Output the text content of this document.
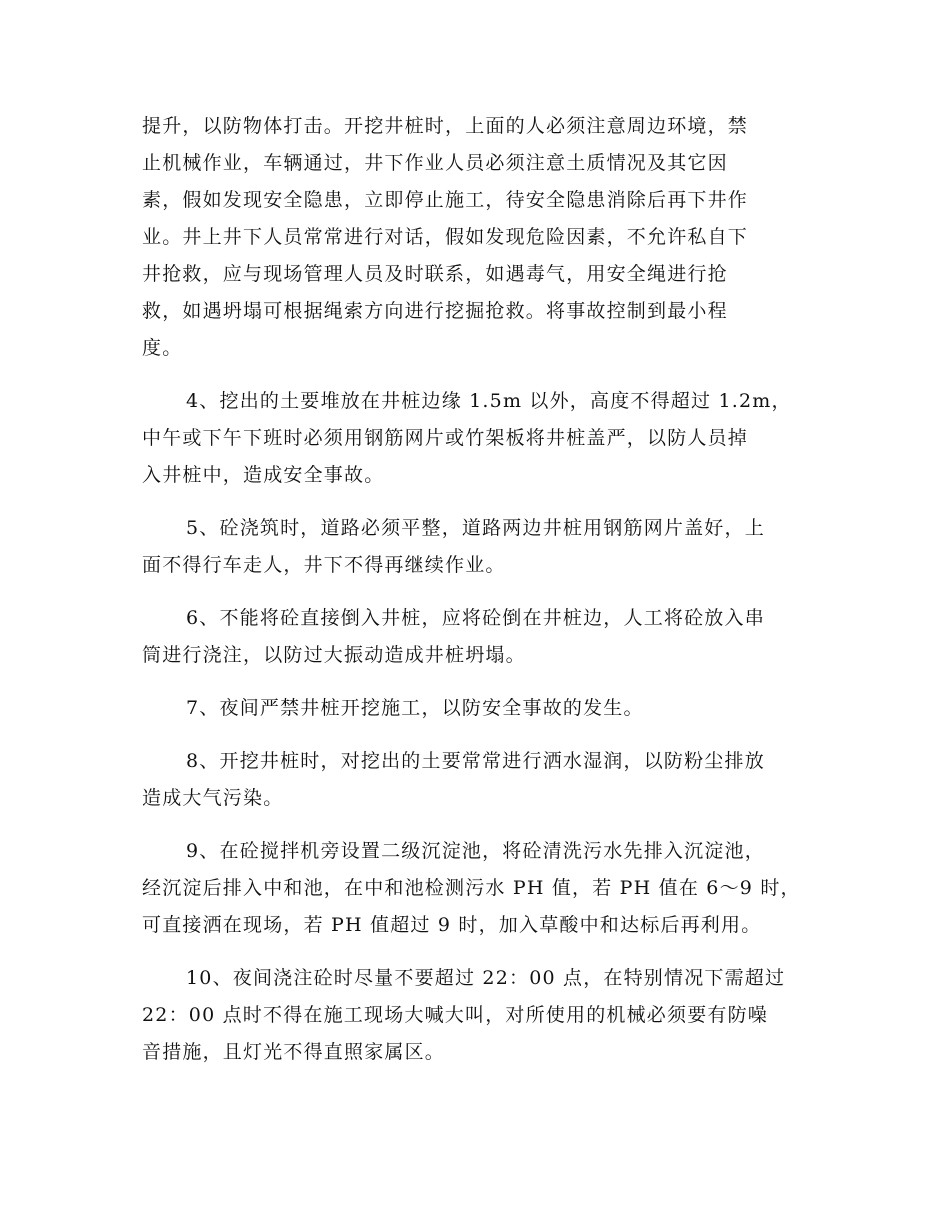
提升，以防物体打击。开挖井桩时，上面的人必须注意周边环境，禁
止机械作业，车辆通过，井下作业人员必须注意土质情况及其它因
素，假如发现安全隐患，立即停止施工，待安全隐患消除后再下井作
业。井上井下人员常常进行对话，假如发现危险因素，不允许私自下
井抢救，应与现场管理人员及时联系，如遇毒气，用安全绳进行抢
救，如遇坍塌可根据绳索方向进行挖掘抢救。将事故控制到最小程
度。

4、挖出的土要堆放在井桩边缘 1.5m 以外，高度不得超过 1.2m，
中午或下午下班时必须用钢筋网片或竹架板将井桩盖严，以防人员掉
入井桩中，造成安全事故。

5、砼浇筑时，道路必须平整，道路两边井桩用钢筋网片盖好，上
面不得行车走人，井下不得再继续作业。

6、不能将砼直接倒入井桩，应将砼倒在井桩边，人工将砼放入串
筒进行浇注，以防过大振动造成井桩坍塌。

7、夜间严禁井桩开挖施工，以防安全事故的发生。

8、开挖井桩时，对挖出的土要常常进行洒水湿润，以防粉尘排放
造成大气污染。

9、在砼搅拌机旁设置二级沉淀池，将砼清洗污水先排入沉淀池，
经沉淀后排入中和池，在中和池检测污水 PH 值，若 PH 值在 6～9 时，
可直接洒在现场，若 PH 值超过 9 时，加入草酸中和达标后再利用。

10、夜间浇注砼时尽量不要超过 22：00 点，在特别情况下需超过
22：00 点时不得在施工现场大喊大叫，对所使用的机械必须要有防噪
音措施，且灯光不得直照家属区。
